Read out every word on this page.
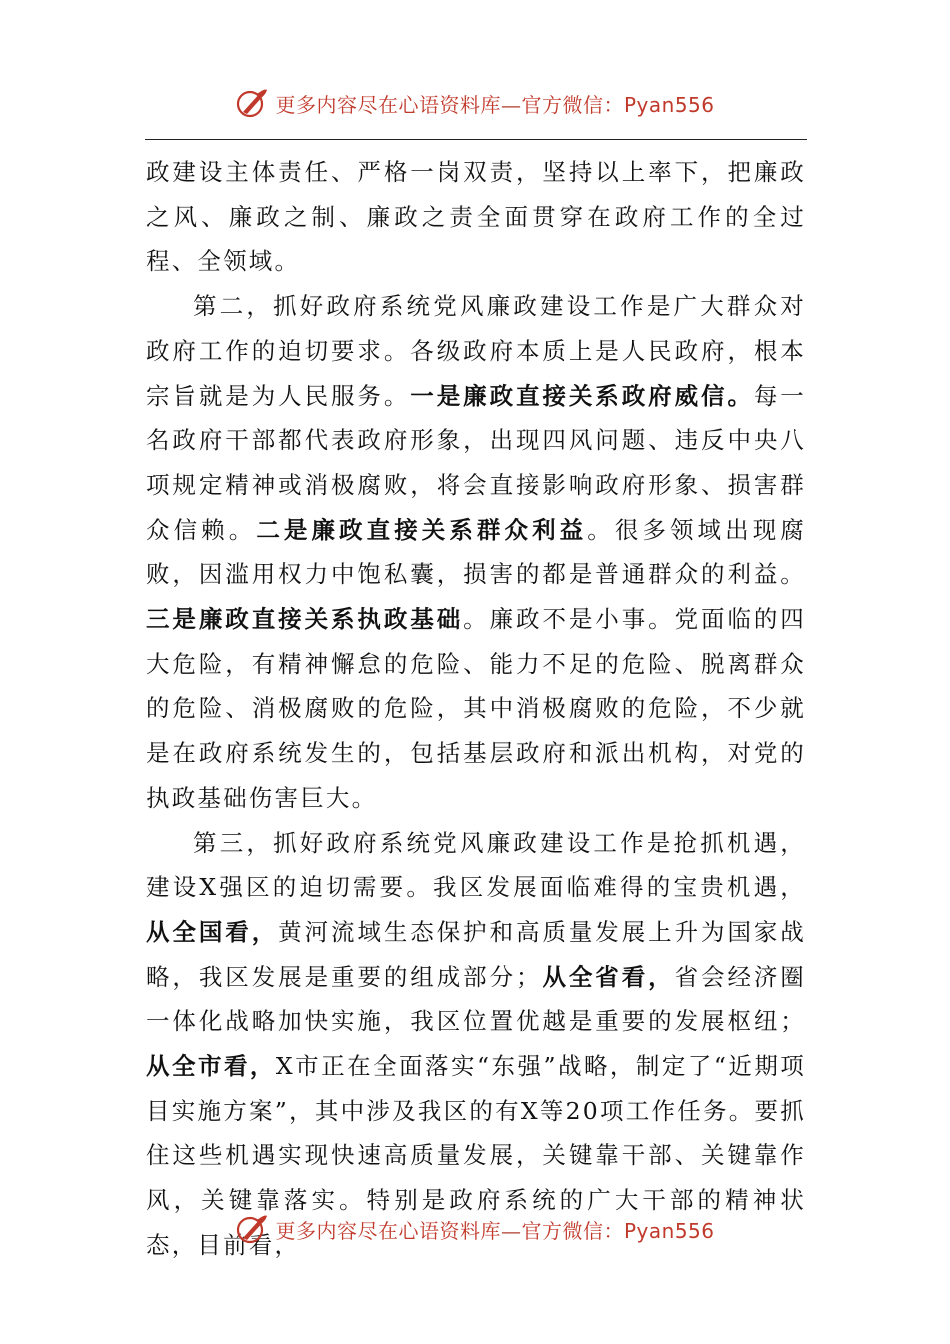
更多内容尽在心语资料库—官方微信：Pyan556

政建设主体责任、严格一岗双责，坚持以上率下，把廉政之风、廉政之制、廉政之责全面贯穿在政府工作的全过程、全领域。

第二，抓好政府系统党风廉政建设工作是广大群众对政府工作的迫切要求。各级政府本质上是人民政府，根本宗旨就是为人民服务。一是廉政直接关系政府威信。每一名政府干部都代表政府形象，出现四风问题、违反中央八项规定精神或消极腐败，将会直接影响政府形象、损害群众信赖。二是廉政直接关系群众利益。很多领域出现腐败，因滥用权力中饱私囊，损害的都是普通群众的利益。三是廉政直接关系执政基础。廉政不是小事。党面临的四大危险，有精神懈怠的危险、能力不足的危险、脱离群众的危险、消极腐败的危险，其中消极腐败的危险，不少就是在政府系统发生的，包括基层政府和派出机构，对党的执政基础伤害巨大。

第三，抓好政府系统党风廉政建设工作是抢抓机遇，建设X强区的迫切需要。我区发展面临难得的宝贵机遇，从全国看，黄河流域生态保护和高质量发展上升为国家战略，我区发展是重要的组成部分；从全省看，省会经济圈一体化战略加快实施，我区位置优越是重要的发展枢纽；从全市看，X市正在全面落实“东强”战略，制定了“近期项目实施方案”，其中涉及我区的有X等20项工作任务。要抓住这些机遇实现快速高质量发展，关键靠干部、关键靠作风，关键靠落实。特别是政府系统的广大干部的精神状态，目前看，

更多内容尽在心语资料库—官方微信：Pyan556
